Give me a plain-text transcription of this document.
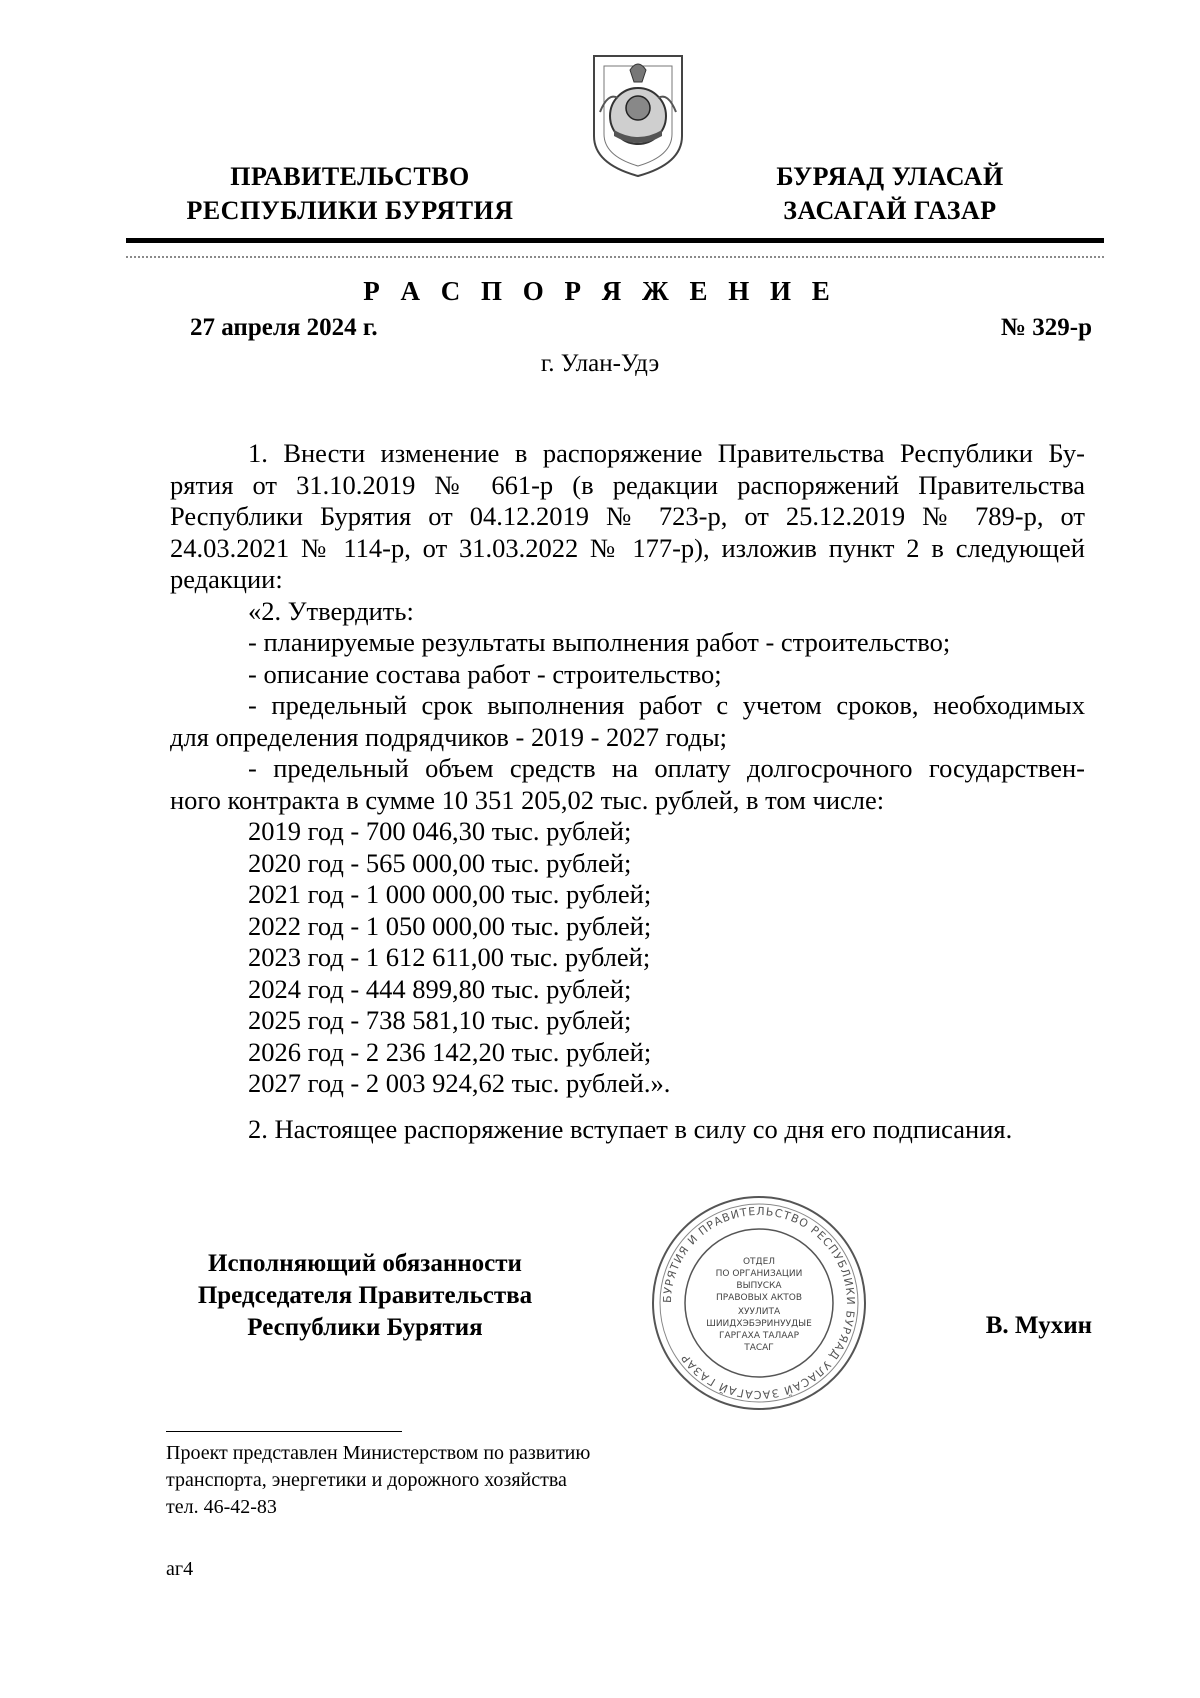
ПРАВИТЕЛЬСТВО
РЕСПУБЛИКИ БУРЯТИЯ
БУРЯАД УЛАСАЙ
ЗАСАГАЙ ГАЗАР
Р А С П О Р Я Ж Е Н И Е
27 апреля 2024 г.	№ 329-р
г. Улан-Удэ

1. Внести изменение в распоряжение Правительства Республики Бу-

рятия от 31.10.2019 № 661-р (в редакции распоряжений Правительства

Республики Бурятия от 04.12.2019 № 723-р, от 25.12.2019 № 789-р, от

24.03.2021 № 114-р, от 31.03.2022 № 177-р), изложив пункт 2 в следующей

редакции:

«2. Утвердить:

- планируемые результаты выполнения работ - строительство;

- описание состава работ - строительство;

- предельный срок выполнения работ с учетом сроков, необходимых

для определения подрядчиков - 2019 - 2027 годы;

- предельный объем средств на оплату долгосрочного государствен-

ного контракта в сумме 10 351 205,02 тыс. рублей, в том числе:

2019 год - 700 046,30 тыс. рублей;

2020 год - 565 000,00 тыс. рублей;

2021 год - 1 000 000,00 тыс. рублей;

2022 год - 1 050 000,00 тыс. рублей;

2023 год - 1 612 611,00 тыс. рублей;

2024 год - 444 899,80 тыс. рублей;

2025 год - 738 581,10 тыс. рублей;

2026 год - 2 236 142,20 тыс. рублей;

2027 год - 2 003 924,62 тыс. рублей.».

2. Настоящее распоряжение вступает в силу со дня его подписания.

Исполняющий обязанности
Председателя Правительства
Республики Бурятия
БУРЯТИЯ И ПРАВИТЕЛЬСТВО РЕСПУБЛИКИ БУРЯАД УЛАСАЙ ЗАСАГАЙ ГАЗАР
ОТДЕЛ
ПО ОРГАНИЗАЦИИ
ВЫПУСКА
ПРАВОВЫХ АКТОВ
ХУУЛИТА
ШИИДХЭБЭРИНУУДЫЕ
ГАРГАХА ТАЛААР
ТАСАГ
В. Мухин
Проект представлен Министерством по развитию
транспорта, энергетики и дорожного хозяйства
тел. 46-42-83
аг4
